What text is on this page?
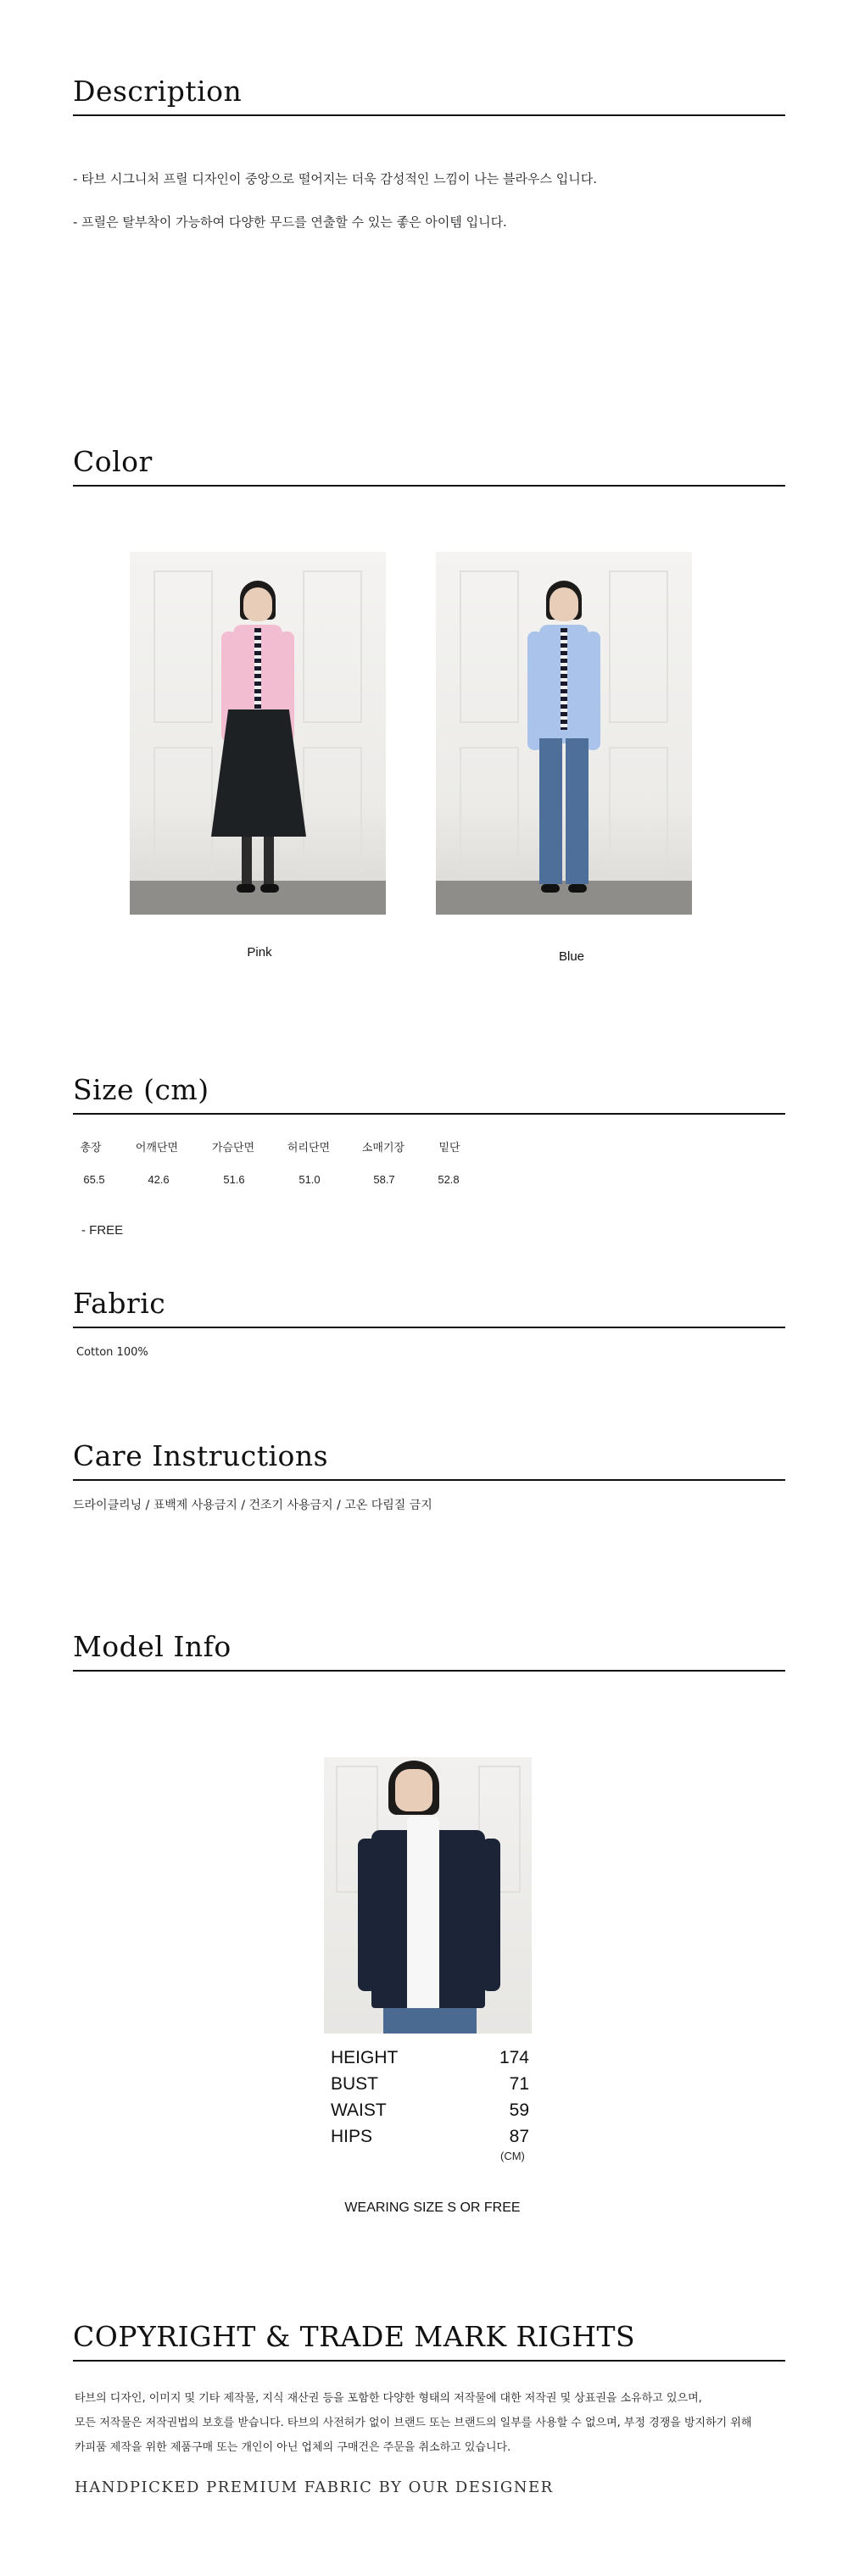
Description

- 타브 시그니처 프릴 디자인이 중앙으로 떨어지는 더욱 감성적인 느낌이 나는 블라우스 입니다.

- 프릴은 탈부착이 가능하여 다양한 무드를 연출할 수 있는 좋은 아이템 입니다.

Color
Pink	Blue
Size (cm)
총장	어깨단면	가슴단면	허리단면	소매기장	밑단
65.5	42.6	51.6	51.0	58.7	52.8
- FREE
Fabric

Cotton 100%

Care Instructions

드라이클리닝 / 표백제 사용금지 / 건조기 사용금지 / 고온 다림질 금지

Model Info
HEIGHT	174
BUST	71
WAIST	59
HIPS	87
(CM)
WEARING SIZE S OR FREE
COPYRIGHT & TRADE MARK RIGHTS

타브의 디자인, 이미지 및 기타 제작물, 지식 재산권 등을 포함한 다양한 형태의 저작물에 대한 저작권 및 상표권을 소유하고 있으며,

모든 저작물은 저작권법의 보호를 받습니다. 타브의 사전허가 없이 브랜드 또는 브랜드의 일부를 사용할 수 없으며, 부정 경쟁을 방지하기 위해

카피품 제작을 위한 제품구매 또는 개인이 아닌 업체의 구매건은 주문을 취소하고 있습니다.

HANDPICKED PREMIUM FABRIC BY OUR DESIGNER
